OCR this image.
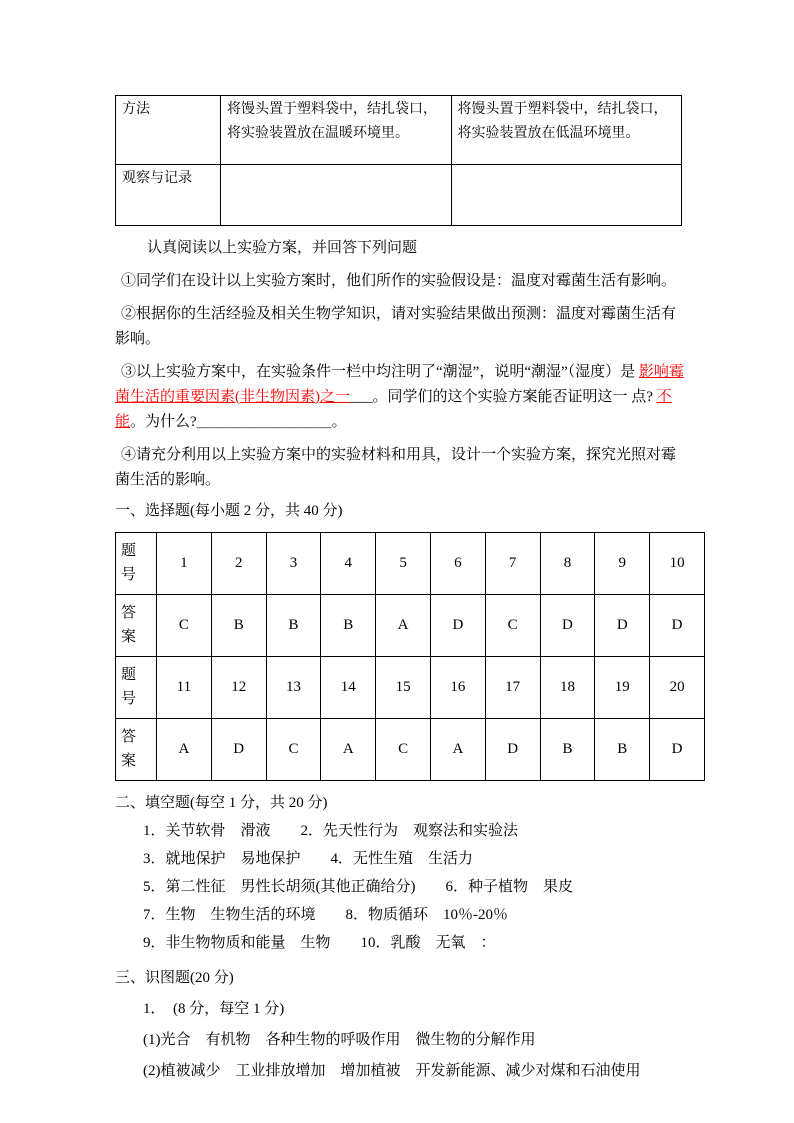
方法	将馒头置于塑料袋中，结扎袋口，将实验装置放在温暖环境里。	将馒头置于塑料袋中，结扎袋口，将实验装置放在低温环境里。
观察与记录		

认真阅读以上实验方案，并回答下列问题

①同学们在设计以上实验方案时，他们所作的实验假设是：温度对霉菌生活有影响。

②根据你的生活经验及相关生物学知识，请对实验结果做出预测：温度对霉菌生活有影响。

③以上实验方案中，在实验条件一栏中均注明了“潮湿”，说明“潮湿”（湿度）是 影响霉菌生活的重要因素(非生物因素)之一___。同学们的这个实验方案能否证明这一 点? 不能。为什么?＿＿＿＿＿＿＿＿＿。

④请充分利用以上实验方案中的实验材料和用具，设计一个实验方案，探究光照对霉菌生活的影响。

一、选择题(每小题 2 分，共 40 分)

题号	1	2	3	4	5	6	7	8	9	10
答案	C	B	B	B	A	D	C	D	D	D
题号	11	12	13	14	15	16	17	18	19	20
答案	A	D	C	A	C	A	D	B	B	D

二、填空题(每空 1 分，共 20 分)

1．关节软骨　滑液　　2．先天性行为　观察法和实验法

3．就地保护　易地保护　　4．无性生殖　生活力

5．第二性征　男性长胡须(其他正确给分)　　6．种子植物　果皮

7．生物　生物生活的环境　　8．物质循环　10％-20％

9．非生物物质和能量　生物　　10．乳酸　无氧　：

三、识图题(20 分)

1．　(8 分，每空 1 分)

(1)光合　有机物　各种生物的呼吸作用　微生物的分解作用

(2)植被减少　工业排放增加　增加植被　开发新能源、减少对煤和石油使用
